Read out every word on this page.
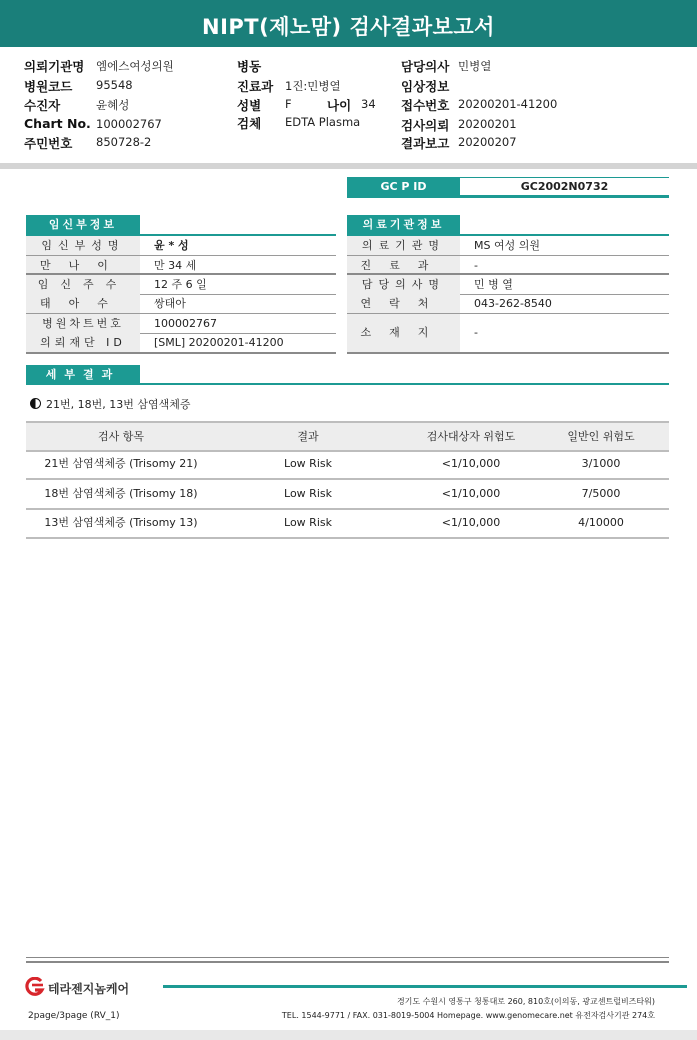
NIPT(제노맘) 검사결과보고서
의뢰기관명 엠에스여성의원
병원코드 95548
수진자	윤혜성
Chart No. 100002767
주민번호 850728-2
병동
진료과 1진:민병열
성별 F	나이 34
검체 EDTA Plasma
담당의사 민병열
임상정보
접수번호 20200201-41200
검사의뢰 20200201
결과보고 20200207
GC P ID	GC2002N0732
임신부정보
임신부성명	윤 * 성
만나이	만 34 세
임신주수	12 주 6 일
태아수	쌍태아
병원차트번호	100002767
의뢰재단 ID	[SML] 20200201-41200
의료기관정보
의료기관명	MS 여성 의원
진료과	-
담당의사명	민 병 열
연락처	043-262-8540
소재지	-
세부결과
21번, 18번, 13번 삼염색체증
검사 항목	결과	검사대상자 위험도	일반인 위험도
21번 삼염색체증 (Trisomy 21)	Low Risk	<1/10,000	3/1000
18번 삼염색체증 (Trisomy 18)	Low Risk	<1/10,000	7/5000
13번 삼염색체증 (Trisomy 13)	Low Risk	<1/10,000	4/10000
테라젠지놈케어
경기도 수원시 영통구 청통대로 260, 810호(이의동, 광교센트럴비즈타워)
TEL. 1544-9771 / FAX. 031-8019-5004 Homepage. www.genomecare.net 유전자검사기관 274호
2page/3page (RV_1)
